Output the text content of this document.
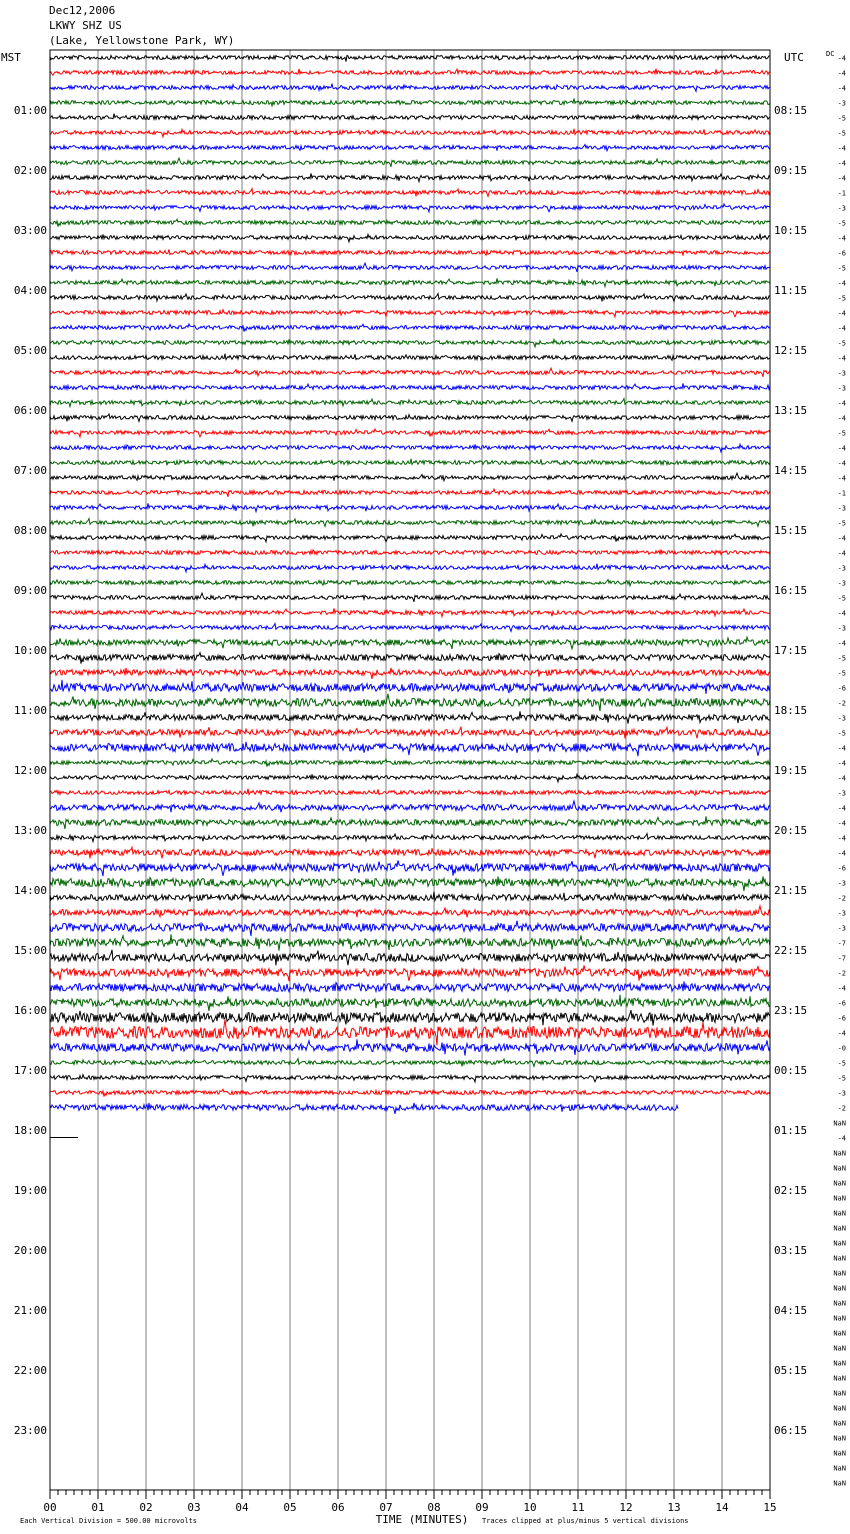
Dec12,2006
LKWY SHZ US
(Lake, Yellowstone Park, WY)
MST	UTC	DC
01:00	08:15
02:00	09:15
03:00	10:15
04:00	11:15
05:00	12:15
06:00	13:15
07:00	14:15
08:00	15:15
09:00	16:15
10:00	17:15
11:00	18:15
12:00	19:15
13:00	20:15
14:00	21:15
15:00	22:15
16:00	23:15
17:00	00:15
18:00	01:15
19:00	02:15
20:00	03:15
21:00	04:15
22:00	05:15
23:00	06:15
-4
-4
-4
-3
-5
-5
-4
-4
-4
-1
-3
-5
-4
-6
-5
-4
-5
-4
-4
-5
-4
-3
-3
-4
-4
-5
-4
-4
-4
-1
-3
-5
-4
-4
-3
-3
-5
-4
-3
-4
-5
-5
-6
-2
-3
-5
-4
-4
-4
-3
-4
-4
-4
-4
-6
-3
-2
-3
-3
-7
-7
-2
-4
-6
-6
-4
-0
-5
-5
-3
-2
NaN
-4
NaN
NaN
NaN
NaN
NaN
NaN
NaN
NaN
NaN
NaN
NaN
NaN
NaN
NaN
NaN
NaN
NaN
NaN
NaN
NaN
NaN
NaN
NaN
00	01	02	03	04	05	06	07	08	09	10	11	12	13	14	15
TIME (MINUTES)
Each Vertical Division = 500.00 microvolts	Traces clipped at plus/minus 5 vertical divisions
